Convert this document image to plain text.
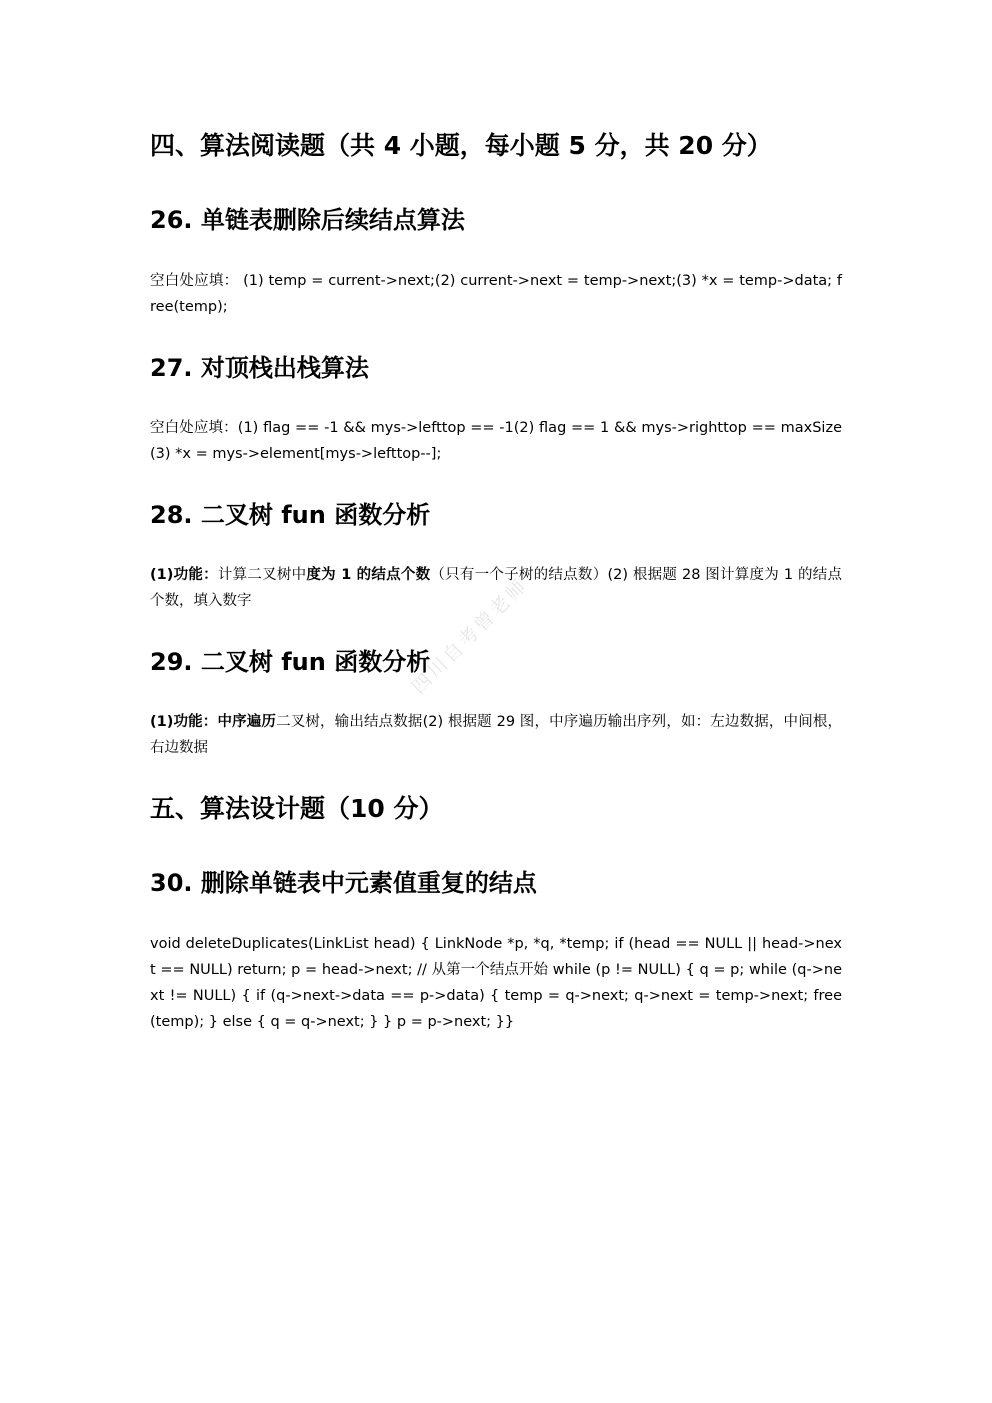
四川自考曾老师
四、算法阅读题（共 4 小题，每小题 5 分，共 20 分）
26. 单链表删除后续结点算法

空白处应填： (1) temp = current->next;(2) current->next = temp->next;(3) *x = temp->data; free(temp);

27. 对顶栈出栈算法

空白处应填：(1) flag == -1 && mys->lefttop == -1(2) flag == 1 && mys->righttop == maxSize(3) *x = mys->element[mys->lefttop--];

28. 二叉树 fun 函数分析

(1)功能：计算二叉树中度为 1 的结点个数（只有一个子树的结点数）(2) 根据题 28 图计算度为 1 的结点个数，填入数字

29. 二叉树 fun 函数分析

(1)功能：中序遍历二叉树，输出结点数据(2) 根据题 29 图，中序遍历输出序列，如：左边数据，中间根，右边数据

五、算法设计题（10 分）
30. 删除单链表中元素值重复的结点

void deleteDuplicates(LinkList head) { LinkNode *p, *q, *temp; if (head == NULL || head->next == NULL) return; p = head->next; // 从第一个结点开始 while (p != NULL) { q = p; while (q->next != NULL) { if (q->next->data == p->data) { temp = q->next; q->next = temp->next; free(temp); } else { q = q->next; } } p = p->next; }}
